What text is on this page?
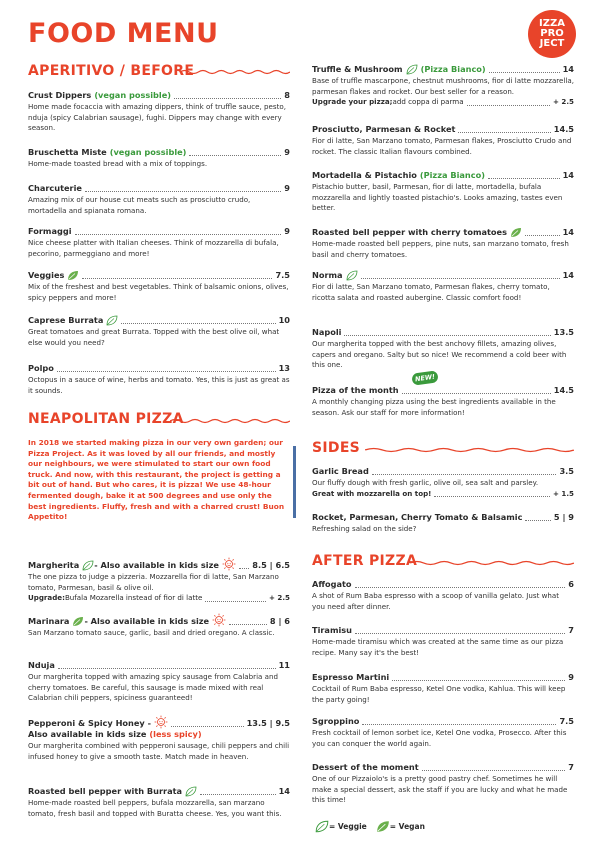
FOOD MENU	IZZA
PRO
JECT
APERITIVO / BEFORE
Crust Dippers (vegan possible)	8
Home made focaccia with amazing dippers, think of truffle sauce, pesto, nduja (spicy Calabrian sausage), fughi. Dippers may change with every season.
Bruschetta Miste (vegan possible)	9
Home-made toasted bread with a mix of toppings.
Charcuterie	9
Amazing mix of our house cut meats such as prosciutto crudo, mortadella and spianata romana.
Formaggi	9
Nice cheese platter with Italian cheeses. Think of mozzarella di bufala, pecorino, parmeggiano and more!
Veggies	7.5
Mix of the freshest and best vegetables. Think of balsamic onions, olives, spicy peppers and more!
Caprese Burrata	10
Great tomatoes and great Burrata. Topped with the best olive oil, what else would you need?
Polpo	13
Octopus in a sauce of wine, herbs and tomato. Yes, this is just as great as it sounds.
NEAPOLITAN PIZZA
In 2018 we started making pizza in our very own garden; our Pizza Project. As it was loved by all our friends, and mostly our neighbours, we were stimulated to start our own food truck. And now, with this restaurant, the project is getting a bit out of hand. But who cares, it is pizza! We use 48-hour fermented dough, bake it at 500 degrees and use only the best ingredients. Fluffy, fresh and with a charred crust! Buon Appetito!
Margherita - Also available in kids size	8.5 | 6.5
The one pizza to judge a pizzeria. Mozzarella fior di latte, San Marzano tomato, Parmesan, basil & olive oil.
Upgrade: Bufala Mozarella instead of fior di latte	+ 2.5
Marinara - Also available in kids size	8 | 6
San Marzano tomato sauce, garlic, basil and dried oregano. A classic.
Nduja	11
Our margherita topped with amazing spicy sausage from Calabria and cherry tomatoes. Be careful, this sausage is made mixed with real Calabrian chili peppers, spiciness guaranteed!
Pepperoni & Spicy Honey -	13.5 | 9.5
Also available in kids size (less spicy)
Our margherita combined with pepperoni sausage, chili peppers and chili infused honey to give a smooth taste. Match made in heaven.
Roasted bell pepper with Burrata	14
Home-made roasted bell peppers, bufala mozzarella, san marzano tomato, fresh basil and topped with Buratta cheese. Yes, you want this.
Truffle & Mushroom (Pizza Bianco)	14
Base of truffle mascarpone, chestnut mushrooms, fior di latte mozzarella, parmesan flakes and rocket. Our best seller for a reason.
Upgrade your pizza; add coppa di parma	+ 2.5
Prosciutto, Parmesan & Rocket	14.5
Fior di latte, San Marzano tomato, Parmesan flakes, Prosciutto Crudo and rocket. The classic Italian flavours combined.
Mortadella & Pistachio (Pizza Bianco)	14
Pistachio butter, basil, Parmesan, fior di latte, mortadella, bufala mozzarella and lightly toasted pistachio's. Looks amazing, tastes even better.
Roasted bell pepper with cherry tomatoes	14
Home-made roasted bell peppers, pine nuts, san marzano tomato, fresh basil and cherry tomatoes.
Norma	14
Fior di latte, San Marzano tomato, Parmesan flakes, cherry tomato, ricotta salata and roasted aubergine. Classic comfort food!
Napoli	13.5
Our margherita topped with the best anchovy fillets, amazing olives, capers and oregano. Salty but so nice! We recommend a cold beer with this one.
NEW!
Pizza of the month	14.5
A monthly changing pizza using the best ingredients available in the season. Ask our staff for more information!
SIDES
Garlic Bread	3.5
Our fluffy dough with fresh garlic, olive oil, sea salt and parsley.
Great with mozzarella on top!	+ 1.5
Rocket, Parmesan, Cherry Tomato & Balsamic	5 | 9
Refreshing salad on the side?
AFTER PIZZA
Affogato	6
A shot of Rum Baba espresso with a scoop of vanilla gelato. Just what you need after dinner.
Tiramisu	7
Home-made tiramisu which was created at the same time as our pizza recipe. Many say it's the best!
Espresso Martini	9
Cocktail of Rum Baba espresso, Ketel One vodka, Kahlua. This will keep the party going!
Sgroppino	7.5
Fresh cocktail of lemon sorbet ice, Ketel One vodka, Prosecco. After this you can conquer the world again.
Dessert of the moment	7
One of our Pizzaiolo's is a pretty good pastry chef. Sometimes he will make a special dessert, ask the staff if you are lucky and what he made this time!
= Veggie	= Vegan
